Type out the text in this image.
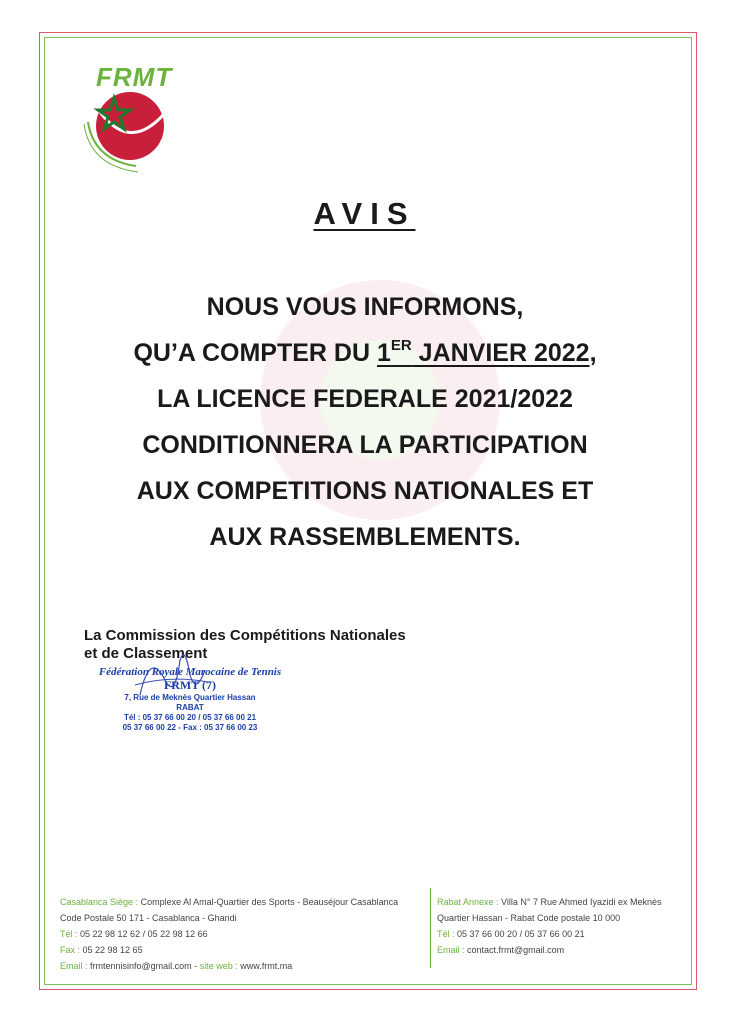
FRMT
AVIS
NOUS VOUS INFORMONS,
QU’A COMPTER DU 1ER JANVIER 2022,
LA LICENCE FEDERALE 2021/2022
CONDITIONNERA LA PARTICIPATION
AUX COMPETITIONS NATIONALES ET
AUX RASSEMBLEMENTS.
La Commission des Compétitions Nationales
et de Classement
Fédération Royale Marocaine de Tennis
FRMT (7)
7, Rue de Meknès Quartier Hassan
RABAT
Tél : 05 37 66 00 20 / 05 37 66 00 21
05 37 66 00 22 - Fax : 05 37 66 00 23
Casablanca Siège : Complexe Al Amal-Quartier des Sports - Beauséjour Casablanca
Code Postale 50 171 - Casablanca - Ghandi
Tél : 05 22 98 12 62 / 05 22 98 12 66
Fax : 05 22 98 12 65
Email : frmtennisinfo@gmail.com - site web : www.frmt.ma
Rabat Annexe : Villa N° 7 Rue Ahmed Iyazidi ex Meknès
Quartier Hassan - Rabat Code postale 10 000
Tél : 05 37 66 00 20 / 05 37 66 00 21
Email : contact.frmt@gmail.com
